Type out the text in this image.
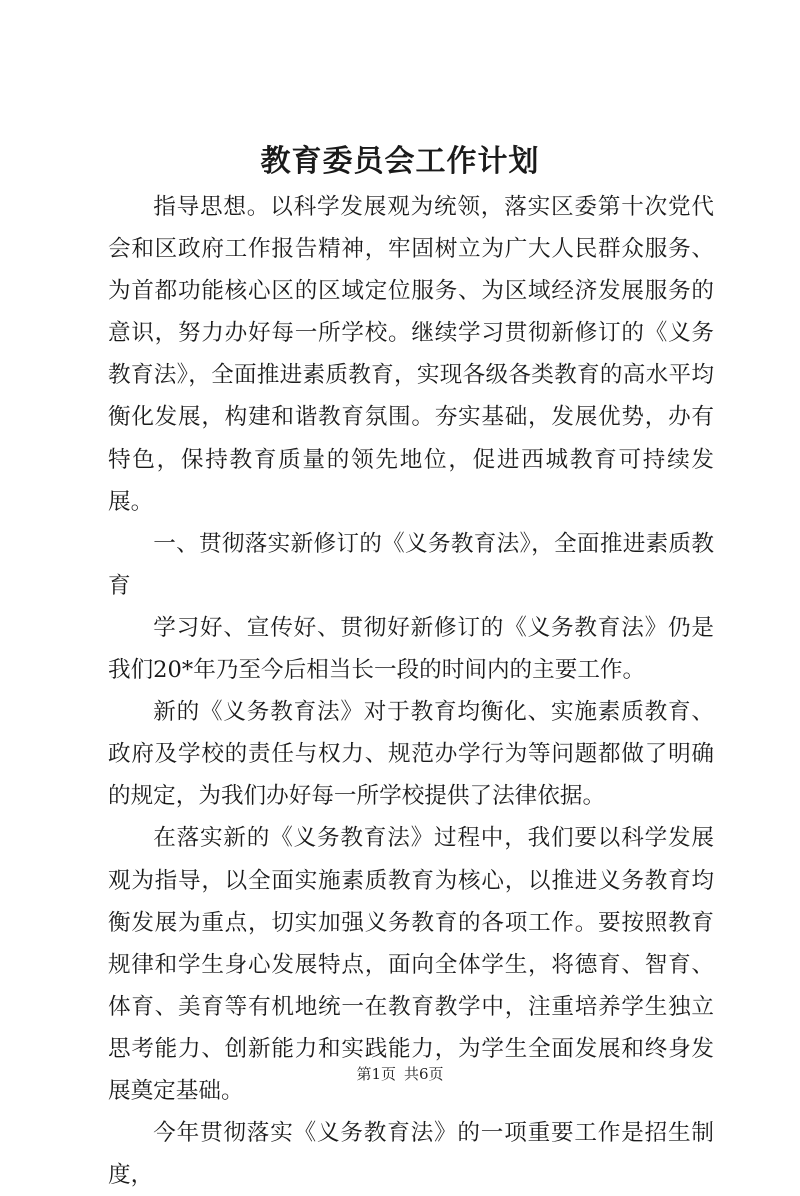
教育委员会工作计划

指导思想。以科学发展观为统领，落实区委第十次党代会和区政府工作报告精神，牢固树立为广大人民群众服务、为首都功能核心区的区域定位服务、为区域经济发展服务的意识，努力办好每一所学校。继续学习贯彻新修订的《义务教育法》，全面推进素质教育，实现各级各类教育的高水平均衡化发展，构建和谐教育氛围。夯实基础，发展优势，办有特色，保持教育质量的领先地位，促进西城教育可持续发展。

一、贯彻落实新修订的《义务教育法》，全面推进素质教育

学习好、宣传好、贯彻好新修订的《义务教育法》仍是我们20*年乃至今后相当长一段的时间内的主要工作。

新的《义务教育法》对于教育均衡化、实施素质教育、政府及学校的责任与权力、规范办学行为等问题都做了明确的规定，为我们办好每一所学校提供了法律依据。

在落实新的《义务教育法》过程中，我们要以科学发展观为指导，以全面实施素质教育为核心，以推进义务教育均衡发展为重点，切实加强义务教育的各项工作。要按照教育规律和学生身心发展特点，面向全体学生，将德育、智育、体育、美育等有机地统一在教育教学中，注重培养学生独立思考能力、创新能力和实践能力，为学生全面发展和终身发展奠定基础。

今年贯彻落实《义务教育法》的一项重要工作是招生制度，

第1页 共6页
